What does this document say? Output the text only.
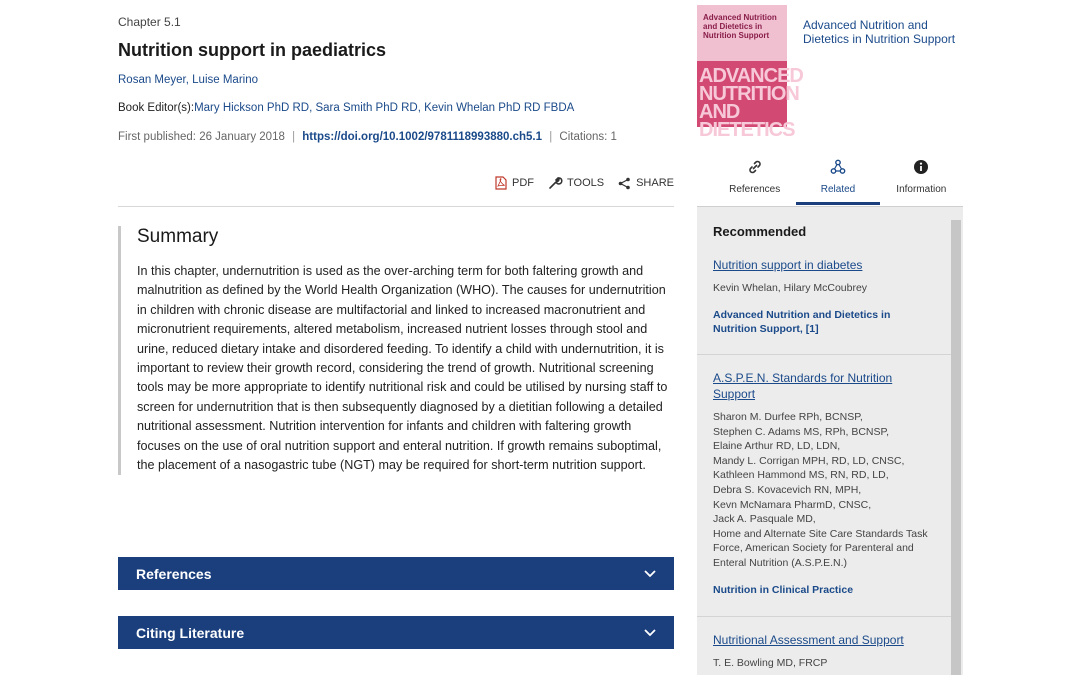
Chapter 5.1
Nutrition support in paediatrics
Rosan Meyer, Luise Marino
Book Editor(s):Mary Hickson PhD RD, Sara Smith PhD RD, Kevin Whelan PhD RD FBDA
First published: 26 January 2018 | https://doi.org/10.1002/9781118993880.ch5.1 | Citations: 1
PDF	TOOLS	SHARE
Summary

In this chapter, undernutrition is used as the over-arching term for both faltering growth and malnutrition as defined by the World Health Organization (WHO). The causes for undernutrition in children with chronic disease are multifactorial and linked to increased macronutrient and micronutrient requirements, altered metabolism, increased nutrient losses through stool and urine, reduced dietary intake and disordered feeding. To identify a child with undernutrition, it is important to review their growth record, considering the trend of growth. Nutritional screening tools may be more appropriate to identify nutritional risk and could be utilised by nursing staff to screen for undernutrition that is then subsequently diagnosed by a dietitian following a detailed nutritional assessment. Nutrition intervention for infants and children with faltering growth focuses on the use of oral nutrition support and enteral nutrition. If growth remains suboptimal, the placement of a nasogastric tube (NGT) may be required for short-term nutrition support.

References
Citing Literature
Advanced Nutrition and Dietetics in Nutrition Support
ADVANCED NUTRITION AND DIETETICS
Advanced Nutrition and Dietetics in Nutrition Support
References	Related	Information
Recommended
Nutrition support in diabetes
Kevin Whelan, Hilary McCoubrey
Advanced Nutrition and Dietetics in Nutrition Support, [1]
A.S.P.E.N. Standards for Nutrition Support
Sharon M. Durfee RPh, BCNSP,
Stephen C. Adams MS, RPh, BCNSP,
Elaine Arthur RD, LD, LDN,
Mandy L. Corrigan MPH, RD, LD, CNSC,
Kathleen Hammond MS, RN, RD, LD,
Debra S. Kovacevich RN, MPH,
Kevn McNamara PharmD, CNSC,
Jack A. Pasquale MD,
Home and Alternate Site Care Standards Task Force, American Society for Parenteral and Enteral Nutrition (A.S.P.E.N.)
Nutrition in Clinical Practice
Nutritional Assessment and Support
T. E. Bowling MD, FRCP
